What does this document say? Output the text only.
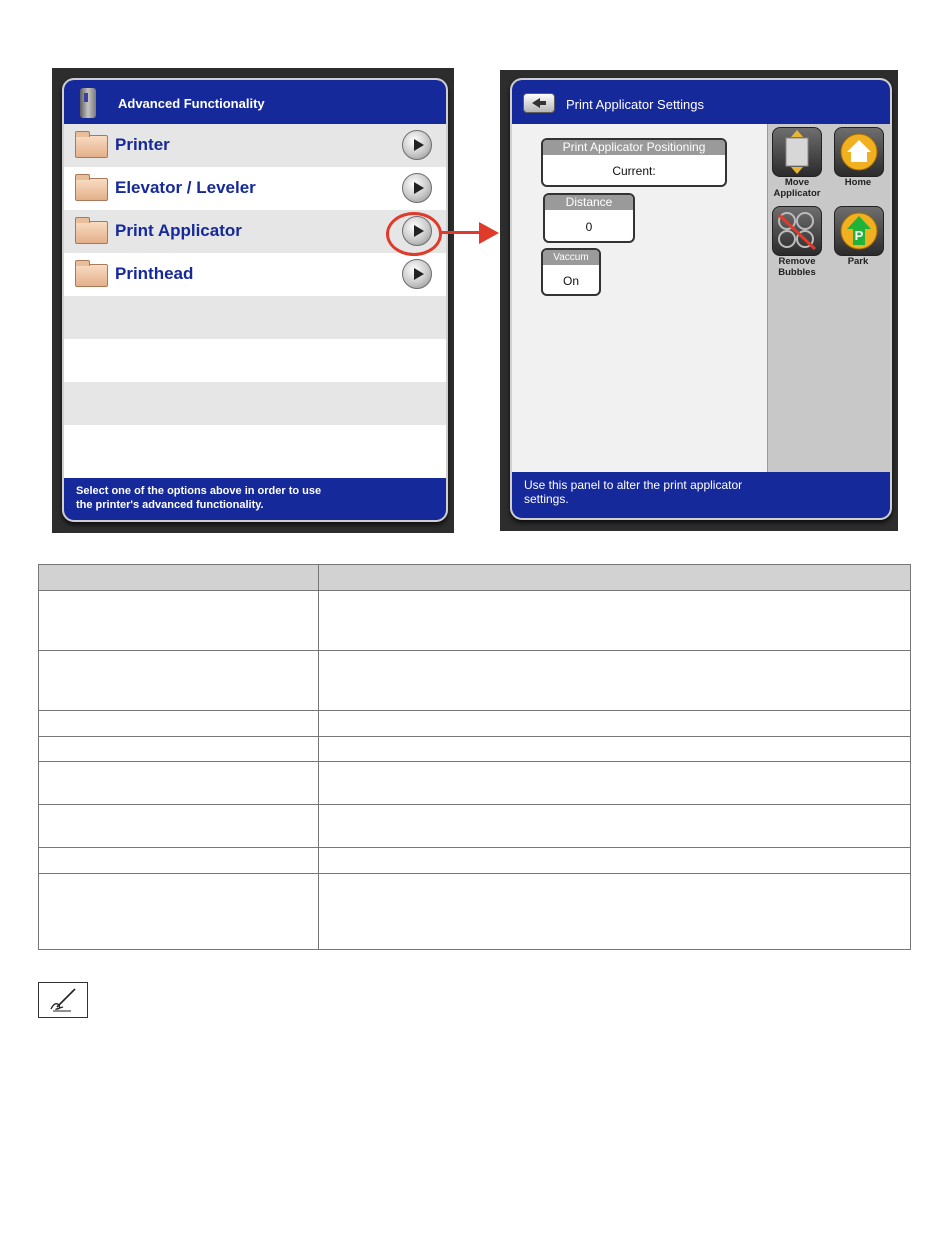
Advanced Functionality
Printer
Elevator / Leveler
Print Applicator
Printhead
Select one of the options above in order to use
the printer's advanced functionality.
Print Applicator Settings
Print Applicator Positioning
Current:
Distance
0
Vaccum
On
Move
Applicator
Home
Remove
Bubbles
P
Park
Use this panel to alter the print applicator
settings.
